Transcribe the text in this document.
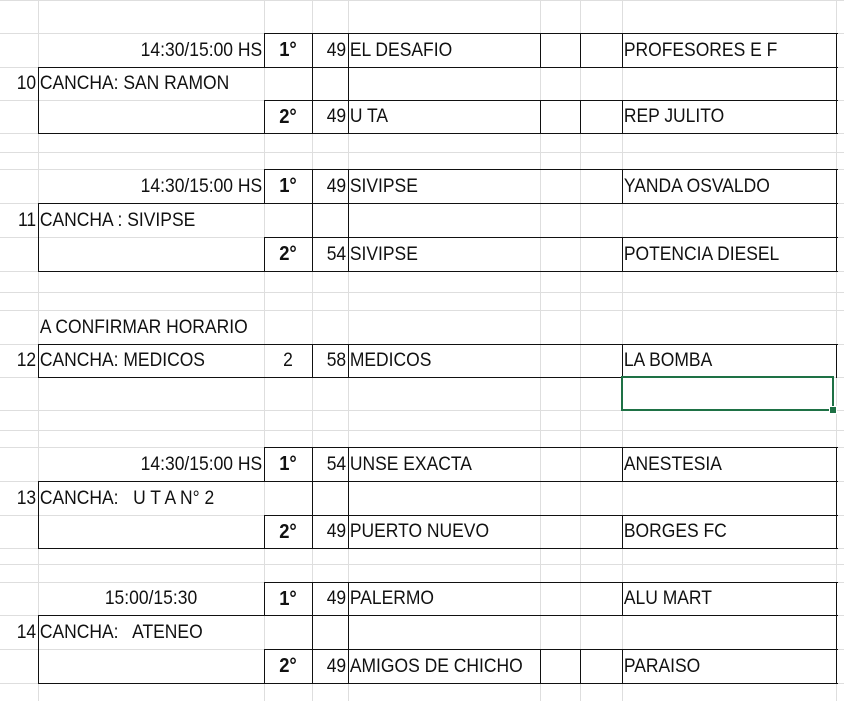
14:30/15:00 HS 1°	49 EL DESAFIO	PROFESORES E F
10 CANCHA: SAN RAMON
2°	49 U TA	REP JULITO
14:30/15:00 HS 1°	49 SIVIPSE	YANDA OSVALDO
11 CANCHA : SIVIPSE
2°	54 SIVIPSE	POTENCIA DIESEL
A CONFIRMAR HORARIO
12 CANCHA: MEDICOS	2	58 MEDICOS	LA BOMBA
14:30/15:00 HS 1°	54 UNSE EXACTA	ANESTESIA
13 CANCHA:   U T A N° 2
2°	49 PUERTO NUEVO	BORGES FC
15:00/15:30	1°	49 PALERMO	ALU MART
14 CANCHA:   ATENEO
2°	49 AMIGOS DE CHICHO	PARAISO
